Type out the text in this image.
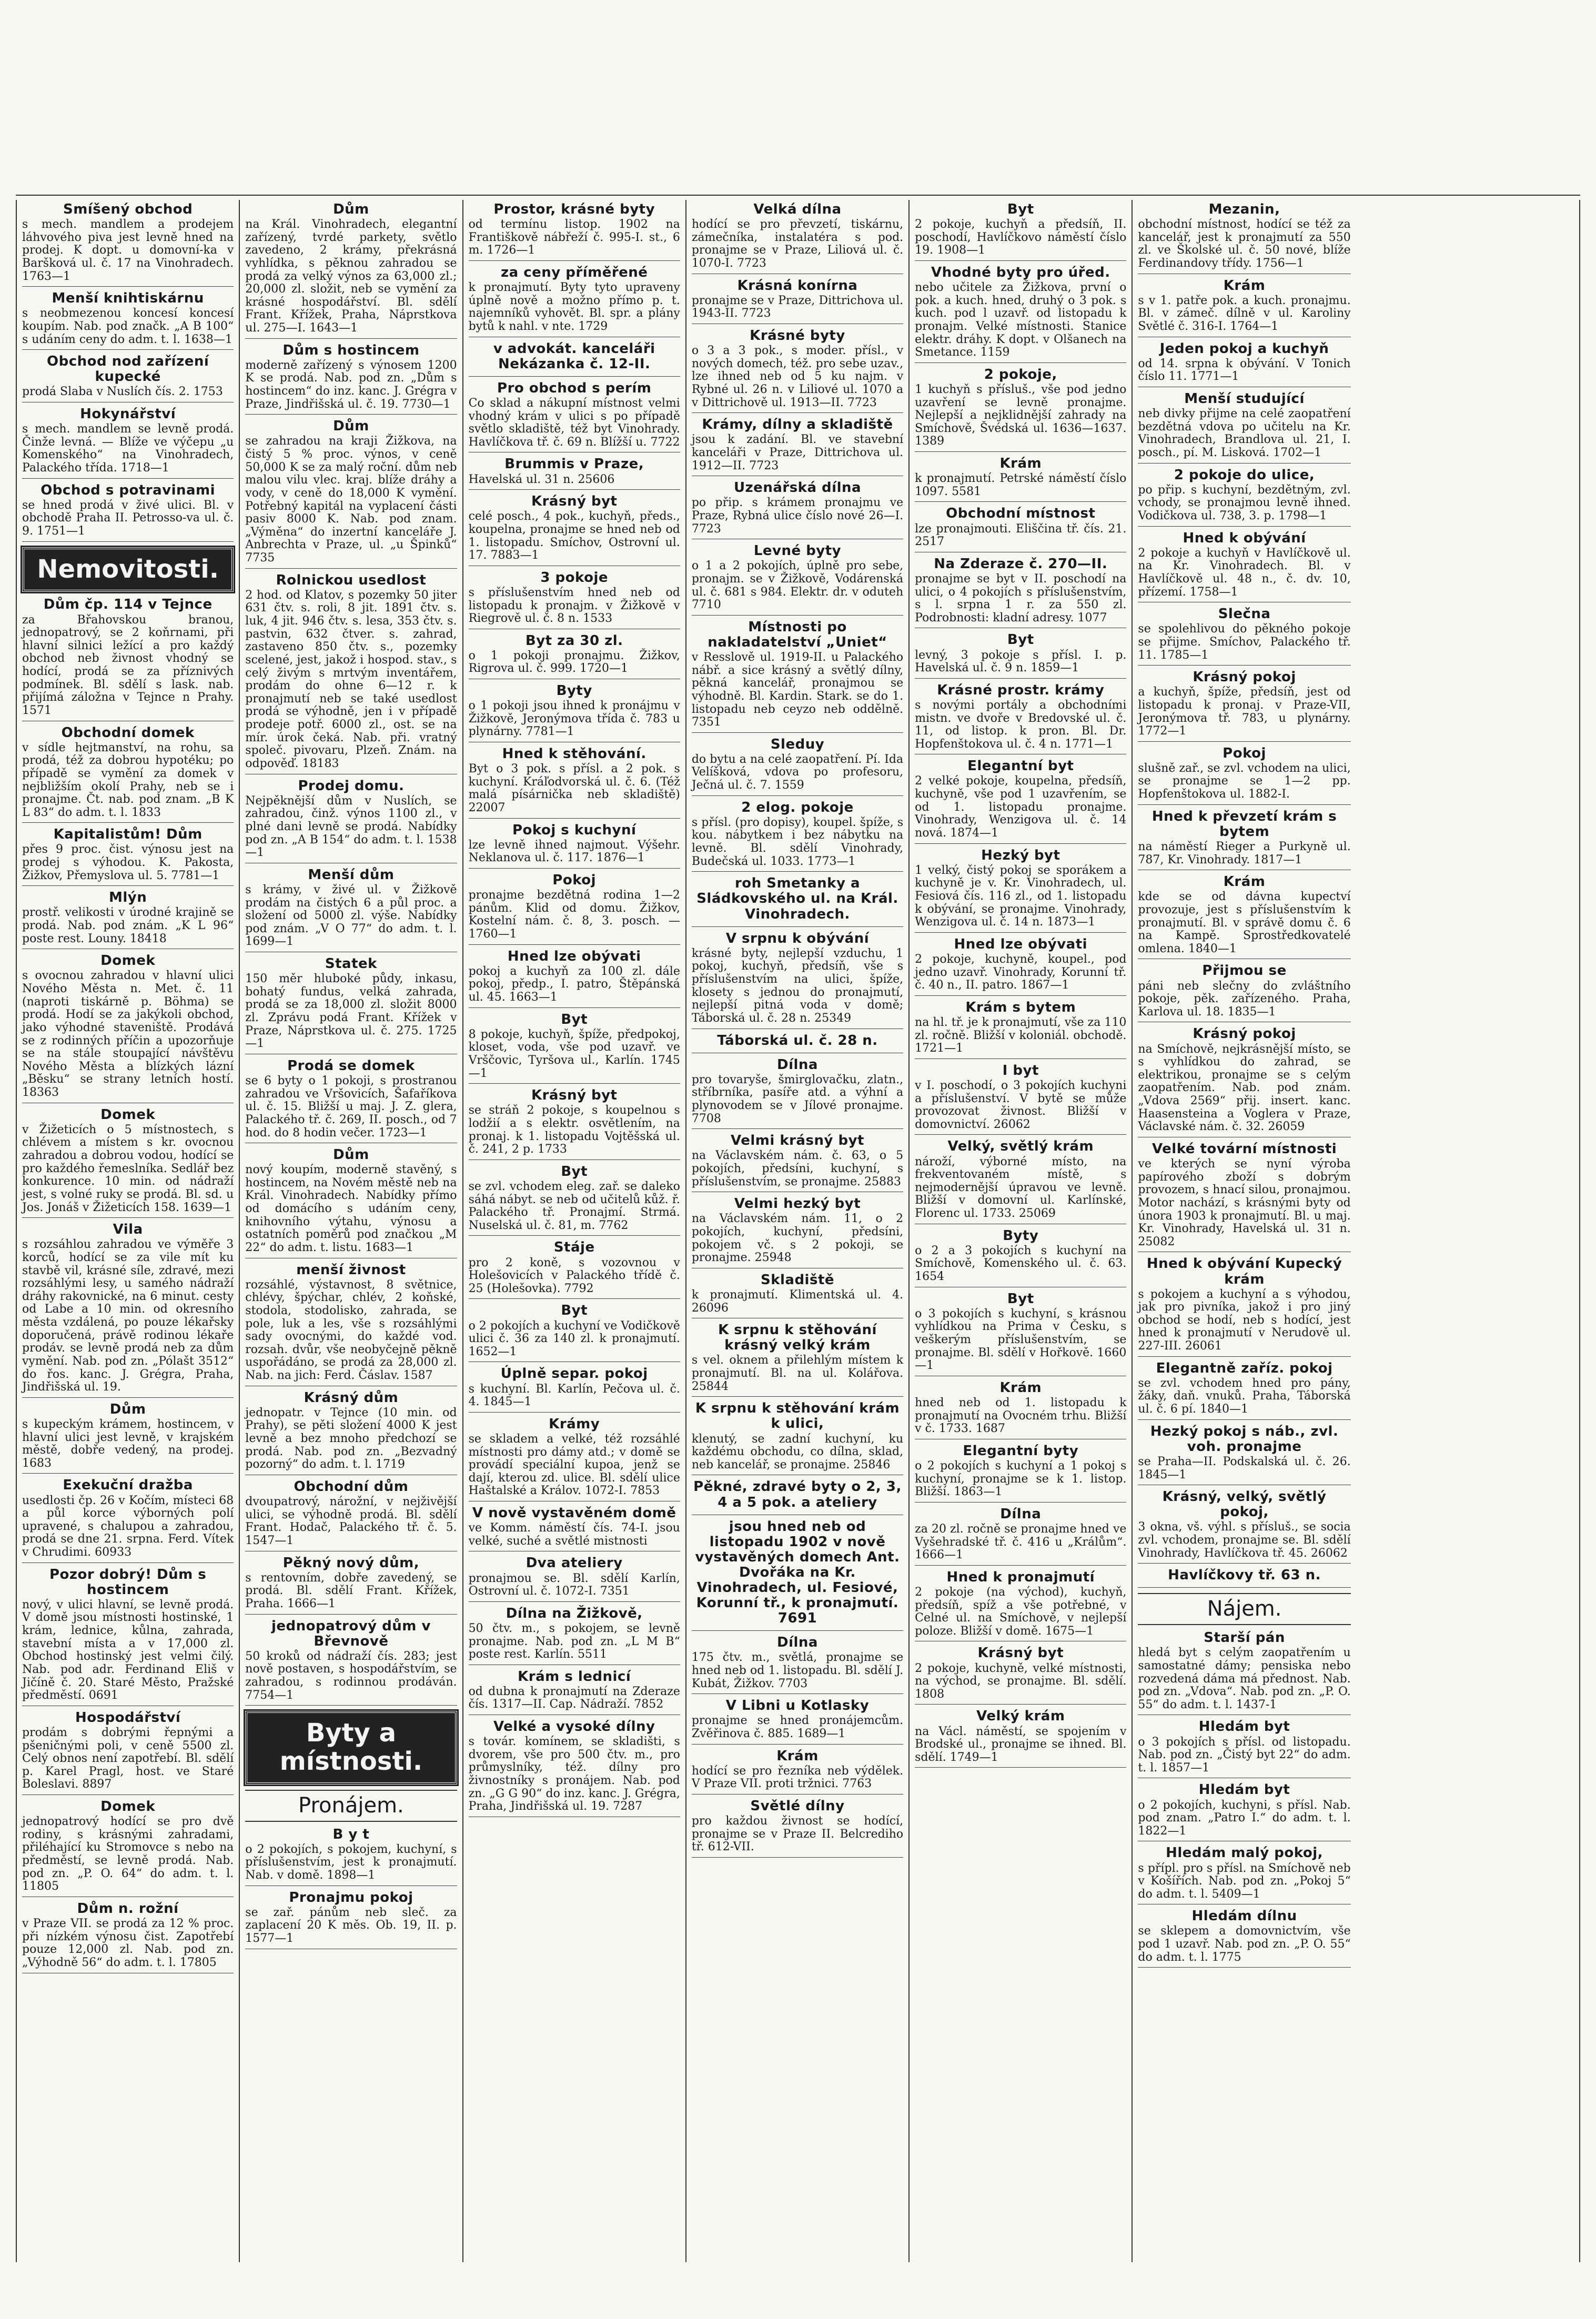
Smíšený obchod

s mech. mandlem a prodejem láhvového piva jest levně hned na prodej. K dopt. u domovní-ka v Baršková ul. č. 17 na Vinohradech. 1763—1

Menší knihtiskárnu

s neobmezenou koncesí koncesí koupím. Nab. pod značk. „A B 100“ s udáním ceny do adm. t. l. 1638—1

Obchod nod zařízení kupecké

prodá Slaba v Nuslích čís. 2. 1753

Hokynářství

s mech. mandlem se levně prodá. Činže levná. — Blíže ve výčepu „u Komenského“ na Vinohradech, Palackého třída. 1718—1

Obchod s potravinami

se hned prodá v živé ulici. Bl. v obchodě Praha II. Petrosso-va ul. č. 9. 1751—1

Nemovitosti.
Dům čp. 114 v Tejnce

za Břahovskou branou, jednopatrový, se 2 koňrnami, při hlavní silnici ležící a pro každý obchod neb živnost vhodný se hodící, prodá se za příznivých podmínek. Bl. sdělí s lask. nab. přijímá záložna v Tejnce n Prahy. 1571

Obchodní domek

v sídle hejtmanství, na rohu, sa prodá, též za dobrou hypotéku; po případě se vymění za domek v nejbližším okolí Prahy, neb se i pronajme. Čt. nab. pod znam. „B K L 83“ do adm. t. l. 1833

Kapitalistům! Dům

přes 9 proc. čist. výnosu jest na prodej s výhodou. K. Pakosta, Žižkov, Přemyslova ul. 5. 7781—1

Mlýn

prostř. velikosti v úrodné krajině se prodá. Nab. pod znám. „K L 96“ poste rest. Louny. 18418

Domek

s ovocnou zahradou v hlavní ulici Nového Města n. Met. č. 11 (naproti tiskárně p. Böhma) se prodá. Hodí se za jakýkoli obchod, jako výhodné staveniště. Prodává se z rodinných příčin a upozorňuje se na stále stoupající návštěvu Nového Města a blízkých lázní „Běsku“ se strany letních hostí. 18363

Domek

v Žižeticích o 5 místnostech, s chlévem a místem s kr. ovocnou zahradou a dobrou vodou, hodící se pro každého řemeslníka. Sedlář bez konkurence. 10 min. od nádraží jest, s volné ruky se prodá. Bl. sd. u Jos. Jonáš v Žižeticích 158. 1639—1

Vila

s rozsáhlou zahradou ve výměře 3 korců, hodící se za vile mít ku stavbě vil, krásné síle, zdravé, mezi rozsáhlými lesy, u samého nádraží dráhy rakovnické, na 6 minut. cesty od Labe a 10 min. od okresního města vzdálená, po pouze lékařsky doporučená, právě rodinou lékaře prodáv. se levně prodá neb za dům vymění. Nab. pod zn. „Pólašt 3512“ do řos. kanc. J. Grégra, Praha, Jindřišská ul. 19.

Dům

s kupeckým krámem, hostincem, v hlavní ulici jest levně, v krajském městě, dobře vedený, na prodej. 1683

Exekuční dražba

usedlosti čp. 26 v Kočím, místeci 68 a půl korce výborných polí upravené, s chalupou a zahradou, prodá se dne 21. srpna. Ferd. Vítek v Chrudimi. 60933

Pozor dobrý! Dům s hostincem

nový, v ulici hlavní, se levně prodá. V domě jsou místnosti hostinské, 1 krám, lednice, kůlna, zahrada, stavební místa a v 17,000 zl. Obchod hostinský jest velmi čilý. Nab. pod adr. Ferdinand Eliš v Jičíně č. 20. Staré Město, Pražské předměstí. 0691

Hospodářství

prodám s dobrými řepnými a pšeničnými poli, v ceně 5500 zl. Celý obnos není zapotřebí. Bl. sdělí p. Karel Pragl, host. ve Staré Boleslavi. 8897

Domek

jednopatrový hodící se pro dvě rodiny, s krásnými zahradami, přiléhající ku Stromovce s nebo na předměstí, se levně prodá. Nab. pod zn. „P. O. 64“ do adm. t. l. 11805

Dům n. rožní

v Praze VII. se prodá za 12 % proc. při nízkém výnosu čist. Zapotřebí pouze 12,000 zl. Nab. pod zn. „Výhodně 56“ do adm. t. l. 17805

Dům

na Král. Vinohradech, elegantní zařízený, tvrdé parkety, světlo zavedeno, 2 krámy, překrásná vyhlídka, s pěknou zahradou se prodá za velký výnos za 63,000 zl.; 20,000 zl. složit, neb se vymění za krásné hospodářství. Bl. sdělí Frant. Křížek, Praha, Náprstkova ul. 275—I. 1643—1

Dům s hostincem

moderně zařízený s výnosem 1200 K se prodá. Nab. pod zn. „Dům s hostincem“ do inz. kanc. J. Grégra v Praze, Jindřišská ul. č. 19. 7730—1

Dům

se zahradou na kraji Žižkova, na čistý 5 % proc. výnos, v ceně 50,000 K se za malý roční. dům neb malou vilu vlec. kraj. blíže dráhy a vody, v ceně do 18,000 K vymění. Potřebný kapitál na vyplacení části pasiv 8000 K. Nab. pod znam. „Výměna“ do inzertní kanceláře J. Anbrechta v Praze, ul. „u Špinků“ 7735

Rolnickou usedlost

2 hod. od Klatov, s pozemky 50 jiter 631 čtv. s. roli, 8 jit. 1891 čtv. s. luk, 4 jit. 946 čtv. s. lesa, 353 čtv. s. pastvin, 632 čtver. s. zahrad, zastaveno 850 čtv. s., pozemky scelené, jest, jakož i hospod. stav., s celý živým s mrtvým inventářem, prodám do ohne 6—12 r. k pronajmutí neb se také usedlost prodá se výhodně, jen i v případě prodeje potř. 6000 zl., ost. se na mír. úrok čeká. Nab. při. vratný společ. pivovaru, Plzeň. Znám. na odpověď. 18183

Prodej domu.

Nejpěknější dům v Nuslích, se zahradou, činž. výnos 1100 zl., v plné dani levně se prodá. Nabídky pod zn. „A B 154“ do adm. t. l. 1538—1

Menší dům

s krámy, v živé ul. v Žižkově prodám na čistých 6 a půl proc. a složení od 5000 zl. výše. Nabídky pod znám. „V O 77“ do adm. t. l. 1699—1

Statek

150 měr hluboké půdy, inkasu, bohatý fundus, velká zahrada, prodá se za 18,000 zl. složit 8000 zl. Zprávu podá Frant. Křížek v Praze, Náprstkova ul. č. 275. 1725—1

Prodá se domek

se 6 byty o 1 pokoji, s prostranou zahradou ve Vršovicích, Šafaříkova ul. č. 15. Bližší u maj. J. Z. glera, Palackého tř. č. 269, II. posch., od 7 hod. do 8 hodin večer. 1723—1

Dům

nový koupím, moderně stavěný, s hostincem, na Novém městě neb na Král. Vinohradech. Nabídky přímo od domácího s udáním ceny, knihovního výtahu, výnosu a ostatních poměrů pod značkou „M 22“ do adm. t. listu. 1683—1

menší živnost

rozsáhlé, výstavnost, 8 světnice, chlévy, špýchar, chlév, 2 koňské, stodola, stodolisko, zahrada, se pole, luk a les, vše s rozsáhlými sady ovocnými, do každé vod. rozsah. dvůr, vše neobyčejně pěkně uspořádáno, se prodá za 28,000 zl. Nab. na jich: Ferd. Čáslav. 1587

Krásný dům

jednopatr. v Tejnce (10 min. od Prahy), se pěti složení 4000 K jest levně a bez mnoho předchozí se prodá. Nab. pod zn. „Bezvadný pozorný“ do adm. t. l. 1719

Obchodní dům

dvoupatrový, nárožní, v nejživější ulici, se výhodně prodá. Bl. sdělí Frant. Hodač, Palackého tř. č. 5. 1547—1

Pěkný nový dům,

s rentovním, dobře zavedený, se prodá. Bl. sdělí Frant. Křížek, Praha. 1666—1

jednopatrový dům v Břevnově

50 kroků od nádraží čís. 283; jest nově postaven, s hospodářstvím, se zahradou, s rodinnou prodáván. 7754—1

Byty a místnosti.
Pronájem.
B y t

o 2 pokojích, s pokojem, kuchyní, s příslušenstvím, jest k pronajmutí. Nab. v domě. 1898—1

Pronajmu pokoj

se zař. pánům neb sleč. za zaplacení 20 K měs. Ob. 19, II. p. 1577—1

Prostor, krásné byty

od termínu listop. 1902 na Františkově nábřeží č. 995-I. st., 6 m. 1726—1

za ceny příměřené

k pronajmutí. Byty tyto upraveny úplně nově a možno přímo p. t. najemníků vyhovět. Bl. spr. a plány bytů k nahl. v nte. 1729

v advokát. kanceláři Nekázanka č. 12-II.
Pro obchod s perím

Co sklad a nákupní místnost velmi vhodný krám v ulici s po případě světlo skladiště, též byt Vinohrady. Havlíčkova tř. č. 69 n. Blížší u. 7722

Brummis v Praze,

Havelská ul. 31 n. 25606

Krásný byt

celé posch., 4 pok., kuchyň, předs., koupelna, pronajme se hned neb od 1. listopadu. Smíchov, Ostrovní ul. 17. 7883—1

3 pokoje

s příslušenstvím hned neb od listopadu k pronajm. v Žižkově v Riegrově ul. č. 8 n. 1533

Byt za 30 zl.

o 1 pokoji pronajmu. Žižkov, Rigrova ul. č. 999. 1720—1

Byty

o 1 pokoji jsou ihned k pronájmu v Žižkově, Jeronýmova třída č. 783 u plynárny. 7781—1

Hned k stěhování.

Byt o 3 pok. s přísl. a 2 pok. s kuchyní. Kráľodvorská ul. č. 6. (Též malá písárnička neb skladiště) 22007

Pokoj s kuchyní

lze levně ihned najmout. Výšehr. Neklanova ul. č. 117. 1876—1

Pokoj

pronajme bezdětná rodina 1—2 pánům. Klid od domu. Žižkov, Kostelní nám. č. 8, 3. posch. — 1760—1

Hned lze obývati

pokoj a kuchyň za 100 zl. dále pokoj, předp., I. patro, Štěpánská ul. 45. 1663—1

Byt

8 pokoje, kuchyň, špíže, předpokoj, kloset, voda, vše pod uzavř. ve Vrščovic, Tyršova ul., Karlín. 1745—1

Krásný byt

se stráň 2 pokoje, s koupelnou s lodžií a s elektr. osvětlením, na pronaj. k 1. listopadu Vojtěšská ul. č. 241, 2 p. 1733

Byt

se zvl. vchodem eleg. zař. se daleko sáhá nábyt. se neb od učitelů kůž. ř. Palackého tř. Pronajmí. Strmá. Nuselská ul. č. 81, m. 7762

Stáje

pro 2 koně, s vozovnou v Holešovicích v Palackého třídě č. 25 (Holešovka). 7792

Byt

o 2 pokojích a kuchyní ve Vodičkově ulici č. 36 za 140 zl. k pronajmutí. 1652—1

Úplně separ. pokoj

s kuchyní. Bl. Karlín, Pečova ul. č. 4. 1845—1

Krámy

se skladem a velké, též rozsáhlé místnosti pro dámy atd.; v domě se provádí speciální kupoa, jenž se dají, kterou zd. ulice. Bl. sdělí ulice Haštalské a Králov. 1072-I. 7853

V nově vystavěném domě

ve Komm. náměstí čís. 74-I. jsou velké, suché a světlé mistnosti

Dva ateliery

pronajmou se. Bl. sdělí Karlín, Ostrovní ul. č. 1072-I. 7351

Dílna na Žižkově,

50 čtv. m., s pokojem, se levně pronajme. Nab. pod zn. „L M B“ poste rest. Karlín. 5511

Krám s lednicí

od dubna k pronajmutí na Zderaze čís. 1317—II. Cap. Nádraží. 7852

Velké a vysoké dílny

s továr. komínem, se skladišti, s dvorem, vše pro 500 čtv. m., pro průmyslníky, též. dílny pro živnostníky s pronájem. Nab. pod zn. „G G 90“ do inz. kanc. J. Grégra, Praha, Jindřišská ul. 19. 7287

Velká dílna

hodící se pro převzetí, tiskárnu, zámečníka, instalatéra s pod. pronajme se v Praze, Liliová ul. č. 1070-I. 7723

Krásná konírna

pronajme se v Praze, Dittrichova ul. 1943-II. 7723

Krásné byty

o 3 a 3 pok., s moder. přísl., v nových domech, též. pro sebe uzav., lze ihned neb od 5 ku najm. v Rybné ul. 26 n. v Liliové ul. 1070 a v Dittrichově ul. 1913—II. 7723

Krámy, dílny a skladiště

jsou k zadání. Bl. ve stavební kanceláři v Praze, Dittrichova ul. 1912—II. 7723

Uzenářská dílna

po přip. s krámem pronajmu ve Praze, Rybná ulice číslo nové 26—I. 7723

Levné byty

o 1 a 2 pokojích, úplně pro sebe, pronajm. se v Žižkově, Vodárenská ul. č. 681 s 984. Elektr. dr. v oduteh 7710

Místnosti po nakladatelství „Uniet“

v Resslově ul. 1919-II. u Palackého nábř. a sice krásný a světlý dílny, pěkná kancelář, pronajmou se výhodně. Bl. Kardin. Stark. se do 1. listopadu neb ceyzo neb oddělně. 7351

Sleduy

do bytu a na celé zaopatření. Pí. Ida Velíšková, vdova po profesoru, Ječná ul. č. 7. 1559

2 elog. pokoje

s přísl. (pro dopisy), koupel. špíže, s kou. nábytkem i bez nábytku na levně. Bl. sdělí Vinohrady, Budečská ul. 1033. 1773—1

roh Smetanky a Sládkovského ul. na Král. Vinohradech.
V srpnu k obývání

krásné byty, nejlepší vzduchu, 1 pokoj, kuchyň, předsíň, vše s příslušenstvím na ulici, špíže, klosety s jednou do pronajmutí, nejlepší pitná voda v domě; Táborská ul. č. 28 n. 25349

Táborská ul. č. 28 n.
Dílna

pro tovaryše, šmirglovačku, zlatn., stříbrníka, pasíře atd. a výhní a plynovodem se v Jílové pronajme. 7708

Velmi krásný byt

na Václavském nám. č. 63, o 5 pokojích, předsíni, kuchyní, s příslušenstvím, se pronajme. 25883

Velmi hezký byt

na Václavském nám. 11, o 2 pokojích, kuchyní, předsíni, pokojem vč. s 2 pokoji, se pronajme. 25948

Skladiště

k pronajmutí. Klimentská ul. 4. 26096

K srpnu k stěhování krásný velký krám

s vel. oknem a přilehlým místem k pronajmutí. Bl. na ul. Kolářova. 25844

K srpnu k stěhování krám k ulici,

klenutý, se zadní kuchyní, ku každému obchodu, co dílna, sklad, neb kancelář, se pronajme. 25846

Pěkné, zdravé byty o 2, 3, 4 a 5 pok. a ateliery
jsou hned neb od listopadu 1902 v nově vystavěných domech Ant. Dvořáka na Kr. Vinohradech, ul. Fesiové, Korunní tř., k pronajmutí. 7691
Dílna

175 čtv. m., světlá, pronajme se hned neb od 1. listopadu. Bl. sdělí J. Kubát, Žižkov. 7703

V Libni u Kotlasky

pronajme se hned pronájemcům. Zvěřinova č. 885. 1689—1

Krám

hodící se pro řezníka neb výdělek. V Praze VII. proti tržnici. 7763

Světlé dílny

pro každou živnost se hodící, pronajme se v Praze II. Belcrediho tř. 612-VII.

Byt

2 pokoje, kuchyň a předsíň, II. poschodí, Havlíčkovo náměstí číslo 19. 1908—1

Vhodné byty pro úřed.

nebo učitele za Žižkova, první o pok. a kuch. hned, druhý o 3 pok. s kuch. pod l uzavř. od listopadu k pronajm. Velké místnosti. Stanice elektr. dráhy. K dopt. v Olšanech na Smetance. 1159

2 pokoje,

1 kuchyň s přísluš., vše pod jedno uzavření se levně pronajme. Nejlepší a nejklidnější zahrady na Smíchově, Švédská ul. 1636—1637. 1389

Krám

k pronajmutí. Petrské náměstí číslo 1097. 5581

Obchodní místnost

lze pronajmouti. Eliščina tř. čís. 21. 2517

Na Zderaze č. 270—II.

pronajme se byt v II. poschodí na ulici, o 4 pokojích s příslušenstvím, s l. srpna 1 r. za 550 zl. Podrobnosti: kladní adresy. 1077

Byt

levný, 3 pokoje s přísl. I. p. Havelská ul. č. 9 n. 1859—1

Krásné prostr. krámy

s novými portály a obchodními mistn. ve dvoře v Bredovské ul. č. 11, od listop. k pron. Bl. Dr. Hopfenštokova ul. č. 4 n. 1771—1

Elegantní byt

2 velké pokoje, koupelna, předsíň, kuchyně, vše pod 1 uzavřením, se od 1. listopadu pronajme. Vinohrady, Wenzigova ul. č. 14 nová. 1874—1

Hezký byt

1 velký, čistý pokoj se sporákem a kuchyně je v. Kr. Vinohradech, ul. Fesiová čís. 116 zl., od 1. listopadu k obývání, se pronajme. Vinohrady, Wenzigova ul. č. 14 n. 1873—1

Hned lze obývati

2 pokoje, kuchyně, koupel., pod jedno uzavř. Vinohrady, Korunní tř. č. 40 n., II. patro. 1867—1

Krám s bytem

na hl. tř. je k pronajmutí, vše za 110 zl. ročně. Bližší v koloniál. obchodě. 1721—1

I byt

v I. poschodí, o 3 pokojích kuchyni a příslušenství. V bytě se může provozovat živnost. Bližší v domovnictví. 26062

Velký, světlý krám

nároží, výborné místo, na frekventovaném místě, s nejmodernější úpravou ve levně. Bližší v domovní ul. Karlínské, Florenc ul. 1733. 25069

Byty

o 2 a 3 pokojích s kuchyní na Smíchově, Komenského ul. č. 63. 1654

Byt

o 3 pokojích s kuchyní, s krásnou vyhlídkou na Prima v Česku, s veškerým příslušenstvím, se pronajme. Bl. sdělí v Hořkově. 1660—1

Krám

hned neb od 1. listopadu k pronajmutí na Ovocném trhu. Bližší v č. 1733. 1687

Elegantní byty

o 2 pokojích s kuchyní a 1 pokoj s kuchyní, pronajme se k 1. listop. Bližší. 1863—1

Dílna

za 20 zl. ročně se pronajme hned ve Vyšehradské tř. č. 416 u „Králům“. 1666—1

Hned k pronajmutí

2 pokoje (na východ), kuchyň, předsíň, spíž a vše potřebné, v Celné ul. na Smíchově, v nejlepší poloze. Bližší v domě. 1675—1

Krásný byt

2 pokoje, kuchyně, velké místnosti, na východ, se pronajme. Bl. sdělí. 1808

Velký krám

na Václ. náměstí, se spojením v Brodské ul., pronajme se ihned. Bl. sdělí. 1749—1

Mezanin,

obchodní místnost, hodící se též za kancelář, jest k pronajmutí za 550 zl. ve Školské ul. č. 50 nové, blíže Ferdinandovy třídy. 1756—1

Krám

s v 1. patře pok. a kuch. pronajmu. Bl. v zámeč. dílně v ul. Karoliny Světlé č. 316-I. 1764—1

Jeden pokoj a kuchyň

od 14. srpna k obývání. V Tonich číslo 11. 1771—1

Menší studující

neb divky přijme na celé zaopatření bezdětná vdova po učitelu na Kr. Vinohradech, Brandlova ul. 21, I. posch., pí. M. Lisková. 1702—1

2 pokoje do ulice,

po přip. s kuchyní, bezdětným, zvl. vchody, se pronajmou levně ihned. Vodičkova ul. 738, 3. p. 1798—1

Hned k obývání

2 pokoje a kuchyň v Havlíčkově ul. na Kr. Vinohradech. Bl. v Havlíčkově ul. 48 n., č. dv. 10, přízemí. 1758—1

Slečna

se spolehlivou do pěkného pokoje se přijme. Smíchov, Palackého tř. 11. 1785—1

Krásný pokoj

a kuchyň, špíže, předsíň, jest od listopadu k pronaj. v Praze-VII, Jeronýmova tř. 783, u plynárny. 1772—1

Pokoj

slušně zař., se zvl. vchodem na ulici, se pronajme se 1—2 pp. Hopfenštokova ul. 1882-I.

Hned k převzetí krám s bytem

na náměstí Rieger a Purkyně ul. 787, Kr. Vinohrady. 1817—1

Krám

kde se od dávna kupectví provozuje, jest s příslušenstvím k pronajmutí. Bl. v správě domu č. 6 na Kampě. Sprostředkovatelé omlena. 1840—1

Přijmou se

páni neb slečny do zvláštního pokoje, pěk. zařízeného. Praha, Karlova ul. 18. 1835—1

Krásný pokoj

na Smíchově, nejkrásnější místo, se s vyhlídkou do zahrad, se elektrikou, pronajme se s celým zaopatřením. Nab. pod znám. „Vdova 2569“ přij. insert. kanc. Haasensteina a Voglera v Praze, Václavské nám. č. 32. 26059

Velké tovární místnosti

ve kterých se nyní výroba papírového zboží s dobrým provozem, s hnací silou, pronajmou. Motor nachází, s krásnými byty od února 1903 k pronajmutí. Bl. u maj. Kr. Vinohrady, Havelská ul. 31 n. 25082

Hned k obývání Kupecký krám

s pokojem a kuchyní a s výhodou, jak pro pivníka, jakož i pro jiný obchod se hodí, neb s hodící, jest hned k pronajmutí v Nerudově ul. 227-III. 26061

Elegantně zaříz. pokoj

se zvl. vchodem hned pro pány, žáky, daň. vnuků. Praha, Táborská ul. č. 6 pí. 1840—1

Hezký pokoj s náb., zvl. voh. pronajme

se Praha—II. Podskalská ul. č. 26. 1845—1

Krásný, velký, světlý pokoj,

3 okna, vš. výhl. s přísluš., se socia zvl. vchodem, pronajme se. Bl. sdělí Vinohrady, Havlíčkova tř. 45. 26062

Havlíčkovy tř. 63 n.
Nájem.
Starší pán

hledá byt s celým zaopatřením u samostatné dámy; pensiska nebo rozvedená dáma má přednost. Nab. pod zn. „Vdova“. Nab. pod zn. „P. O. 55“ do adm. t. l. 1437-1

Hledám byt

o 3 pokojích s přísl. od listopadu. Nab. pod zn. „Čistý byt 22“ do adm. t. l. 1857—1

Hledám byt

o 2 pokojích, kuchyni, s přísl. Nab. pod znam. „Patro I.“ do adm. t. l. 1822—1

Hledám malý pokoj,

s přípl. pro s přísl. na Smíchově neb v Košířích. Nab. pod zn. „Pokoj 5“ do adm. t. l. 5409—1

Hledám dílnu

se sklepem a domovnictvím, vše pod 1 uzavř. Nab. pod zn. „P. O. 55“ do adm. t. l. 1775
